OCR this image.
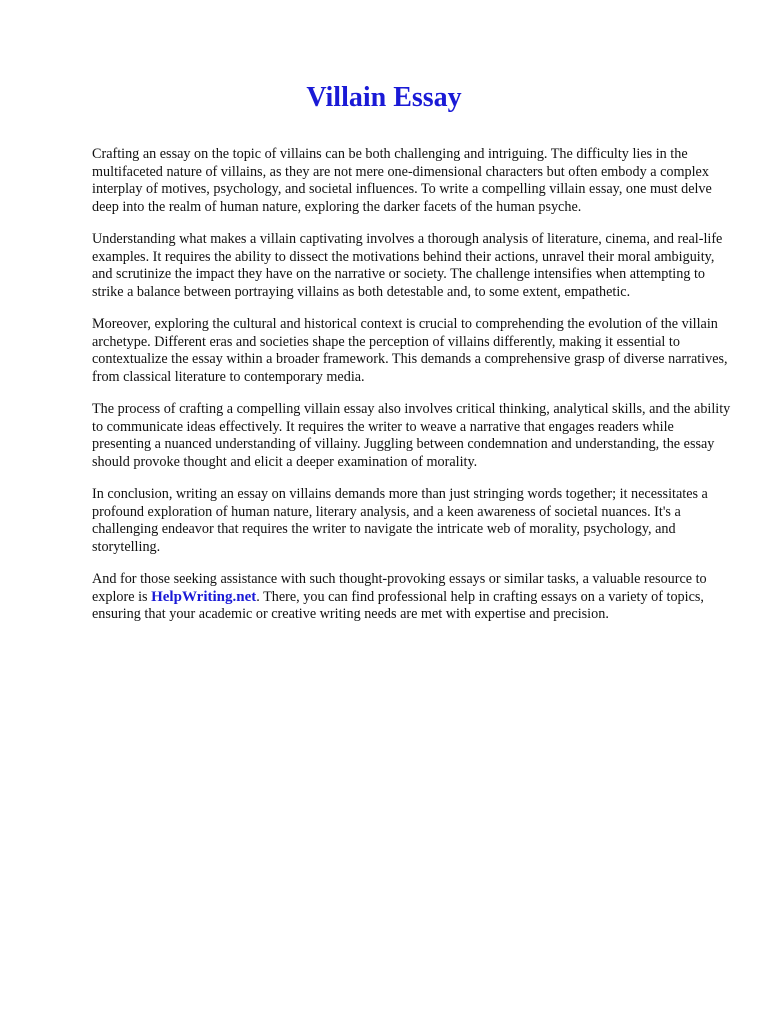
Villain Essay

Crafting an essay on the topic of villains can be both challenging and intriguing. The difficulty lies in the multifaceted nature of villains, as they are not mere one-dimensional characters but often embody a complex interplay of motives, psychology, and societal influences. To write a compelling villain essay, one must delve deep into the realm of human nature, exploring the darker facets of the human psyche.

Understanding what makes a villain captivating involves a thorough analysis of literature, cinema, and real-life examples. It requires the ability to dissect the motivations behind their actions, unravel their moral ambiguity, and scrutinize the impact they have on the narrative or society. The challenge intensifies when attempting to strike a balance between portraying villains as both detestable and, to some extent, empathetic.

Moreover, exploring the cultural and historical context is crucial to comprehending the evolution of the villain archetype. Different eras and societies shape the perception of villains differently, making it essential to contextualize the essay within a broader framework. This demands a comprehensive grasp of diverse narratives, from classical literature to contemporary media.

The process of crafting a compelling villain essay also involves critical thinking, analytical skills, and the ability to communicate ideas effectively. It requires the writer to weave a narrative that engages readers while presenting a nuanced understanding of villainy. Juggling between condemnation and understanding, the essay should provoke thought and elicit a deeper examination of morality.

In conclusion, writing an essay on villains demands more than just stringing words together; it necessitates a profound exploration of human nature, literary analysis, and a keen awareness of societal nuances. It's a challenging endeavor that requires the writer to navigate the intricate web of morality, psychology, and storytelling.

And for those seeking assistance with such thought-provoking essays or similar tasks, a valuable resource to explore is HelpWriting.net. There, you can find professional help in crafting essays on a variety of topics, ensuring that your academic or creative writing needs are met with expertise and precision.
